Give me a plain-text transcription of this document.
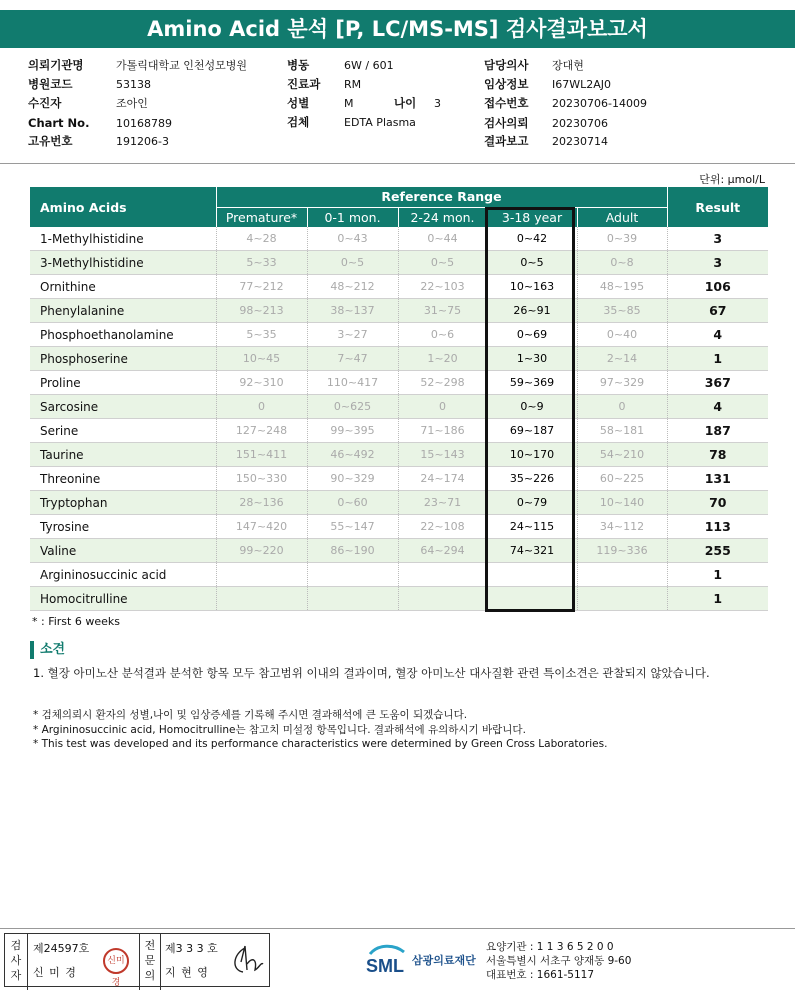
Amino Acid 분석 [P, LC/MS-MS] 검사결과보고서
의뢰기관명	가톨릭대학교 인천성모병원
병원코드	53138
수진자	조아인
Chart No. 10168789
고유번호	191206-3
병동	6W / 601
진료과 RM
성별	M	나이 3
검체	EDTA Plasma
담당의사 장대현
임상정보 I67WL2AJ0
접수번호 20230706-14009
검사의뢰 20230706
결과보고 20230714
단위: μmol/L
Amino Acids	Reference Range					Result
	Premature*	0-1 mon.	2-24 mon.	3-18 year	Adult	
1-Methylhistidine	4~28	0~43	0~44	0~42	0~39	3
3-Methylhistidine	5~33	0~5	0~5	0~5	0~8	3
Ornithine	77~212	48~212	22~103	10~163	48~195	106
Phenylalanine	98~213	38~137	31~75	26~91	35~85	67
Phosphoethanolamine	5~35	3~27	0~6	0~69	0~40	4
Phosphoserine	10~45	7~47	1~20	1~30	2~14	1
Proline	92~310	110~417	52~298	59~369	97~329	367
Sarcosine	0	0~625	0	0~9	0	4
Serine	127~248	99~395	71~186	69~187	58~181	187
Taurine	151~411	46~492	15~143	10~170	54~210	78
Threonine	150~330	90~329	24~174	35~226	60~225	131
Tryptophan	28~136	0~60	23~71	0~79	10~140	70
Tyrosine	147~420	55~147	22~108	24~115	34~112	113
Valine	99~220	86~190	64~294	74~321	119~336	255
Argininosuccinic acid						1
Homocitrulline						1
* : First 6 weeks
소견
1. 혈장 아미노산 분석결과 분석한 항목 모두 참고범위 이내의 결과이며, 혈장 아미노산 대사질환 관련 특이소견은 관찰되지 않았습니다.
* 검체의뢰시 환자의 성별,나이 및 임상증세를 기록해 주시면 결과해석에 큰 도움이 되겠습니다.
* Argininosuccinic acid, Homocitrulline는 참고치 미설정 항목입니다. 결과해석에 유의하시기 바랍니다.
* This test was developed and its performance characteristics were determined by Green Cross Laboratories.
검
사
자
제24597호
신 미 경
신미경
전
문
의
제3 3 3 호
지 현 영	SML 삼광의료재단
요양기관 : 1 1 3 6 5 2 0 0
서울특별시 서초구 양재동 9-60
대표번호 : 1661-5117
